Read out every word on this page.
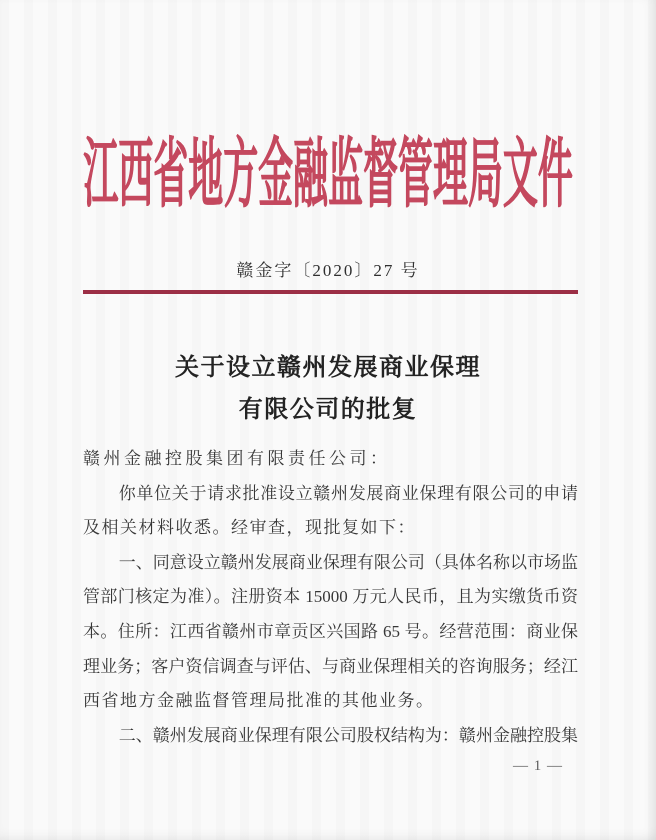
江西省地方金融监督管理局文件
赣金字〔2020〕27 号
关于设立赣州发展商业保理
有限公司的批复
赣州金融控股集团有限责任公司：
你单位关于请求批准设立赣州发展商业保理有限公司的申请
及相关材料收悉。经审查，现批复如下：
一、同意设立赣州发展商业保理有限公司（具体名称以市场监
管部门核定为准）。注册资本 15000 万元人民币，且为实缴货币资
本。住所：江西省赣州市章贡区兴国路 65 号。经营范围：商业保
理业务；客户资信调查与评估、与商业保理相关的咨询服务；经江
西省地方金融监督管理局批准的其他业务。
二、赣州发展商业保理有限公司股权结构为：赣州金融控股集
— 1 —
